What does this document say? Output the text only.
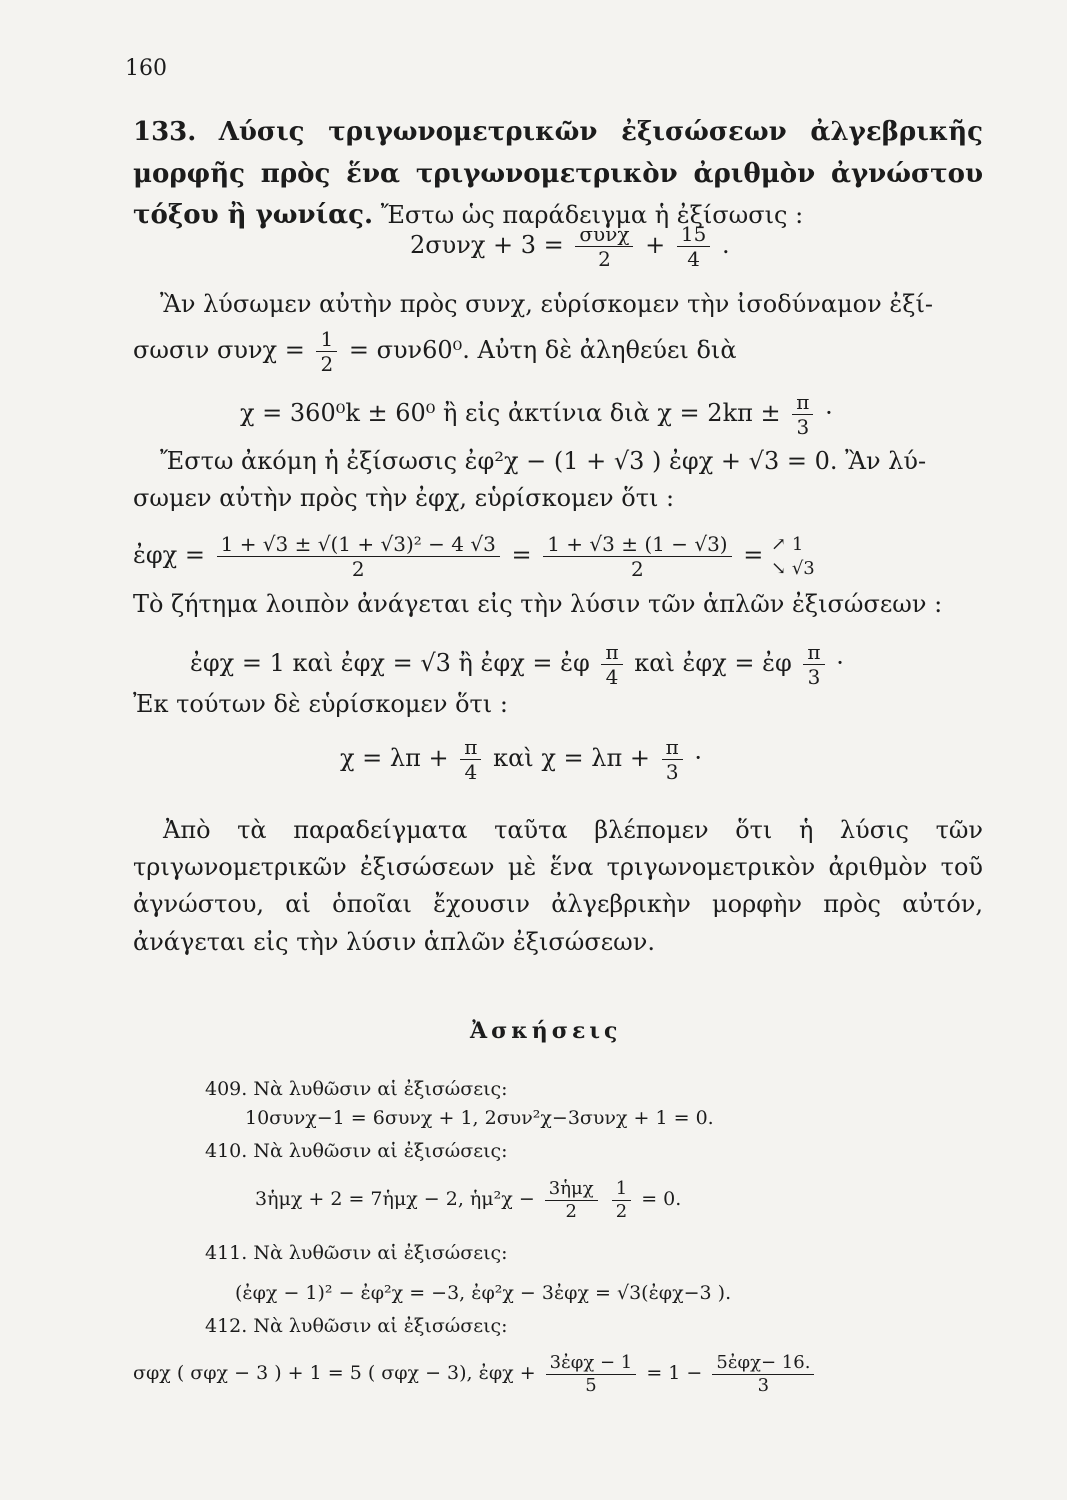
160
133. Λύσις τριγωνομετρικῶν ἐξισώσεων ἀλγεβρικῆς μορφῆς πρὸς ἕνα τριγωνομετρικὸν ἀριθμὸν ἀγνώστου τόξου ἢ γωνίας. Ἔστω ὡς παράδειγμα ἡ ἐξίσωσις :
$2\sigma\upsilon\nu\chi + 3 = \frac{\text{συνχ}}{2} + \frac{15}{4}$ .
Ἂν λύσωμεν αὐτὴν πρὸς συνχ, εὑρίσκομεν τὴν ἰσοδύναμον ἐξί-
σωσιν $\sigma\upsilon\nu\chi = \frac{1}{2} = \sigma\upsilon\nu 60^0$. Αὐτη δὲ ἀληθεύει διὰ
χ = 360⁰k ± 60⁰ ἢ εἰς ἀκτίνια διὰ $\chi = 2k\pi \pm \frac{\pi}{3}$ ·
Ἔστω ἀκόμη ἡ ἐξίσωσις ἐφ²χ − (1 + √3 ) ἐφχ + √3 = 0. Ἂν λύ-
σωμεν αὐτὴν πρὸς τὴν ἐφχ, εὑρίσκομεν ὅτι :
ἐφχ = $\frac{\text{1 + √3 ± √(1 + √3)² − 4 √3}}{2} = \frac{1 + √3 \pm (1 - √3)}{2}$ = ↗ 1
↘ √3
Τὸ ζήτημα λοιπὸν ἀνάγεται εἰς τὴν λύσιν τῶν ἁπλῶν ἐξισώσεων :
ἐφχ = 1 καὶ ἐφχ = √3 ἢ ἐφχ = ἐφ $\frac{\pi}{4}$ καὶ ἐφχ = ἐφ $\frac{\pi}{3}$ ·
Ἐκ τούτων δὲ εὑρίσκομεν ὅτι :
$\chi = \lambda\pi + \frac{\pi}{4}$ καὶ $\chi = \lambda\pi + \frac{\pi}{3}$ ·
Ἀπὸ τὰ παραδείγματα ταῦτα βλέπομεν ὅτι ἡ λύσις τῶν τριγωνομετρικῶν ἐξισώσεων μὲ ἕνα τριγωνομετρικὸν ἀριθμὸν τοῦ ἀγνώστου, αἱ ὁποῖαι ἔχουσιν ἀλγεβρικὴν μορφὴν πρὸς αὐτόν, ἀνάγεται εἰς τὴν λύσιν ἁπλῶν ἐξισώσεων.
Ἀσκήσεις
409. Νὰ λυθῶσιν αἱ ἐξισώσεις:
10συνχ−1 = 6συνχ + 1, 2συν²χ−3συνχ + 1 = 0.
410. Νὰ λυθῶσιν αἱ ἐξισώσεις:
3ἡμχ + 2 = 7ἡμχ − 2, ἡμ²χ − $\frac{\text{3ἡμχ}}{2}$
$\frac{1}{2} = 0$.
411. Νὰ λυθῶσιν αἱ ἐξισώσεις:
(ἐφχ − 1)² − ἐφ²χ = −3, ἐφ²χ − 3ἐφχ = √3(ἐφχ−3 ).
412. Νὰ λυθῶσιν αἱ ἐξισώσεις:
σφχ ( σφχ − 3 ) + 1 = 5 ( σφχ − 3), ἐφχ + $\frac{\text{3ἐφχ − 1}}{5} = 1 - \frac{\text{5ἐφχ− 16.}}{3}$
